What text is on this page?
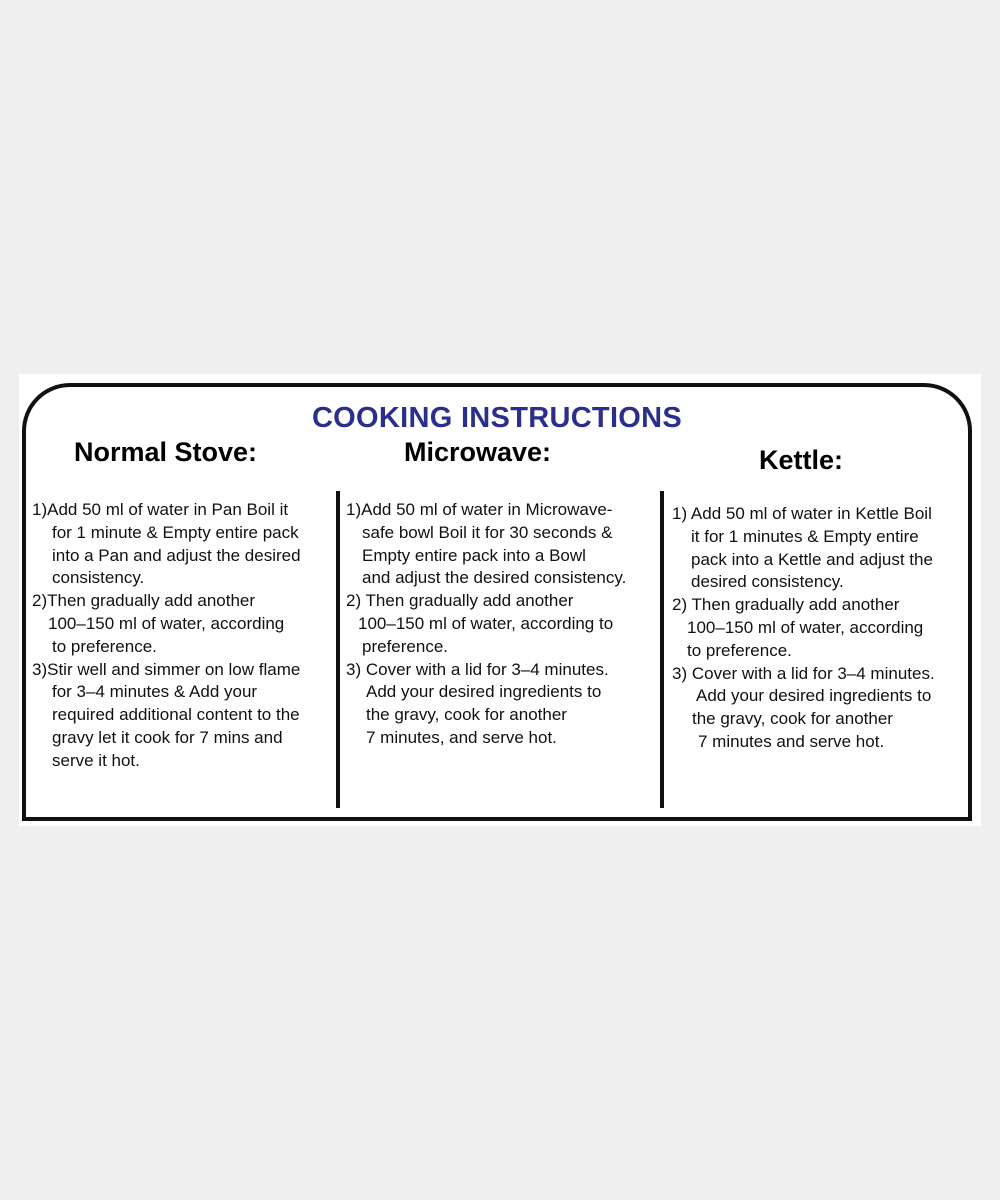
COOKING INSTRUCTIONS
Normal Stove:	Microwave:	Kettle:
1)Add 50 ml of water in Pan Boil it
for 1 minute & Empty entire pack
into a Pan and adjust the desired
consistency.
2)Then gradually add another
100–150 ml of water, according
to preference.
3)Stir well and simmer on low flame
for 3–4 minutes & Add your
required additional content to the
gravy let it cook for 7 mins and
serve it hot.
1)Add 50 ml of water in Microwave-
safe bowl Boil it for 30 seconds &
Empty entire pack into a Bowl
and adjust the desired consistency.
2) Then gradually add another
100–150 ml of water, according to
preference.
3) Cover with a lid for 3–4 minutes.
Add your desired ingredients to
the gravy, cook for another
7 minutes, and serve hot.
1) Add 50 ml of water in Kettle Boil
it for 1 minutes & Empty entire
pack into a Kettle and adjust the
desired consistency.
2) Then gradually add another
100–150 ml of water, according
to preference.
3) Cover with a lid for 3–4 minutes.
Add your desired ingredients to
the gravy, cook for another
7 minutes and serve hot.
